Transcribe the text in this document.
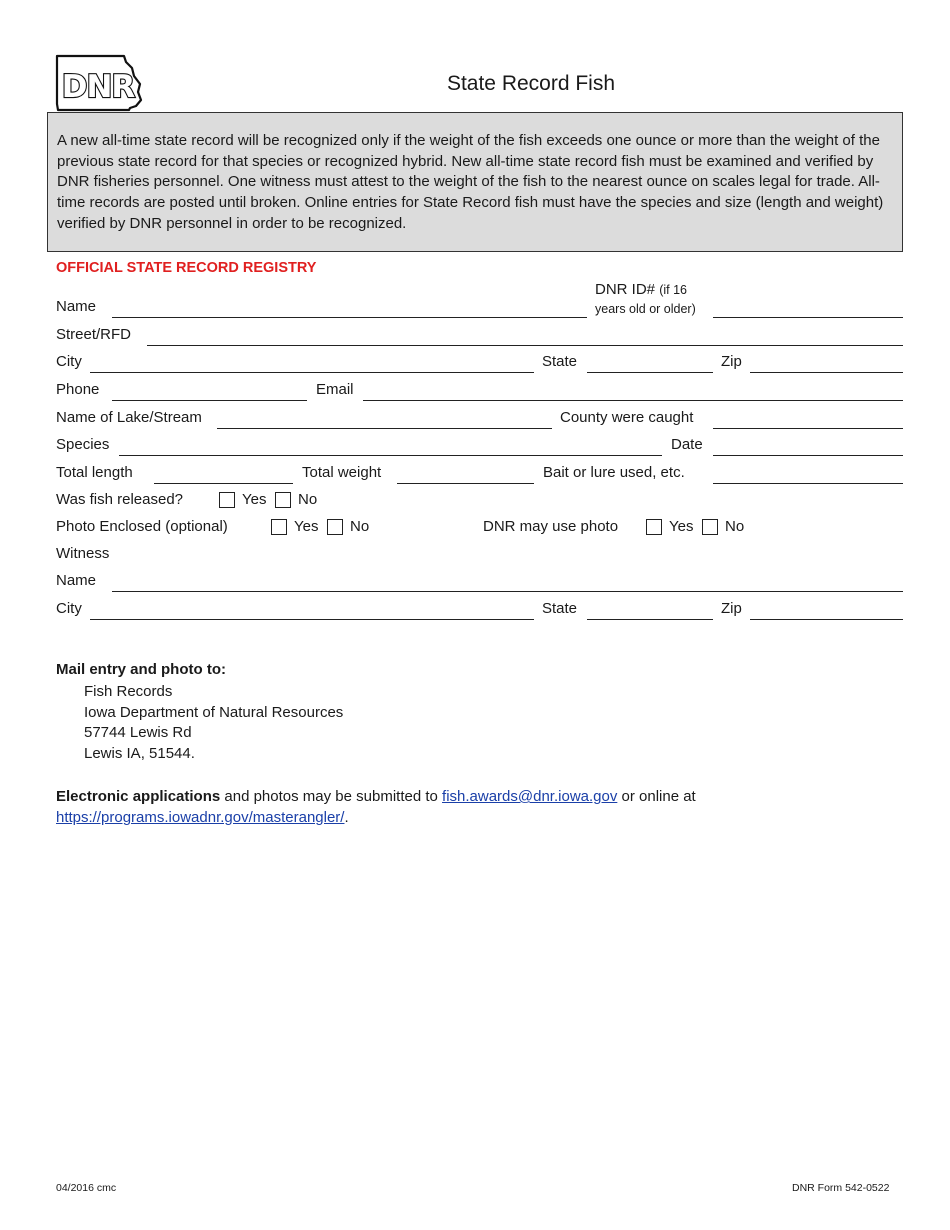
DNR	State Record Fish
A new all-time state record will be recognized only if the weight of the fish exceeds one ounce or more than the weight of the previous state record for that species or recognized hybrid. New all-time state record fish must be examined and verified by DNR fisheries personnel. One witness must attest to the weight of the fish to the nearest ounce on scales legal for trade. All-time records are posted until broken. Online entries for State Record fish must have the species and size (length and weight) verified by DNR personnel in order to be recognized.
OFFICIAL STATE RECORD REGISTRY
Name
DNR ID# (if 16
years old or older)
Street/RFD
City	State	Zip
Phone	Email
Name of Lake/Stream	County were caught
Species	Date
Total length	Total weight	Bait or lure used, etc.
Was fish released?	Yes No
Photo Enclosed (optional)	Yes No	DNR may use photo	Yes No
Witness
Name
City	State	Zip
Mail entry and photo to:
Fish Records
Iowa Department of Natural Resources
57744 Lewis Rd
Lewis IA, 51544.
Electronic applications and photos may be submitted to fish.awards@dnr.iowa.gov or online at
https://programs.iowadnr.gov/masterangler/.
04/2016 cmc	DNR Form 542-0522
